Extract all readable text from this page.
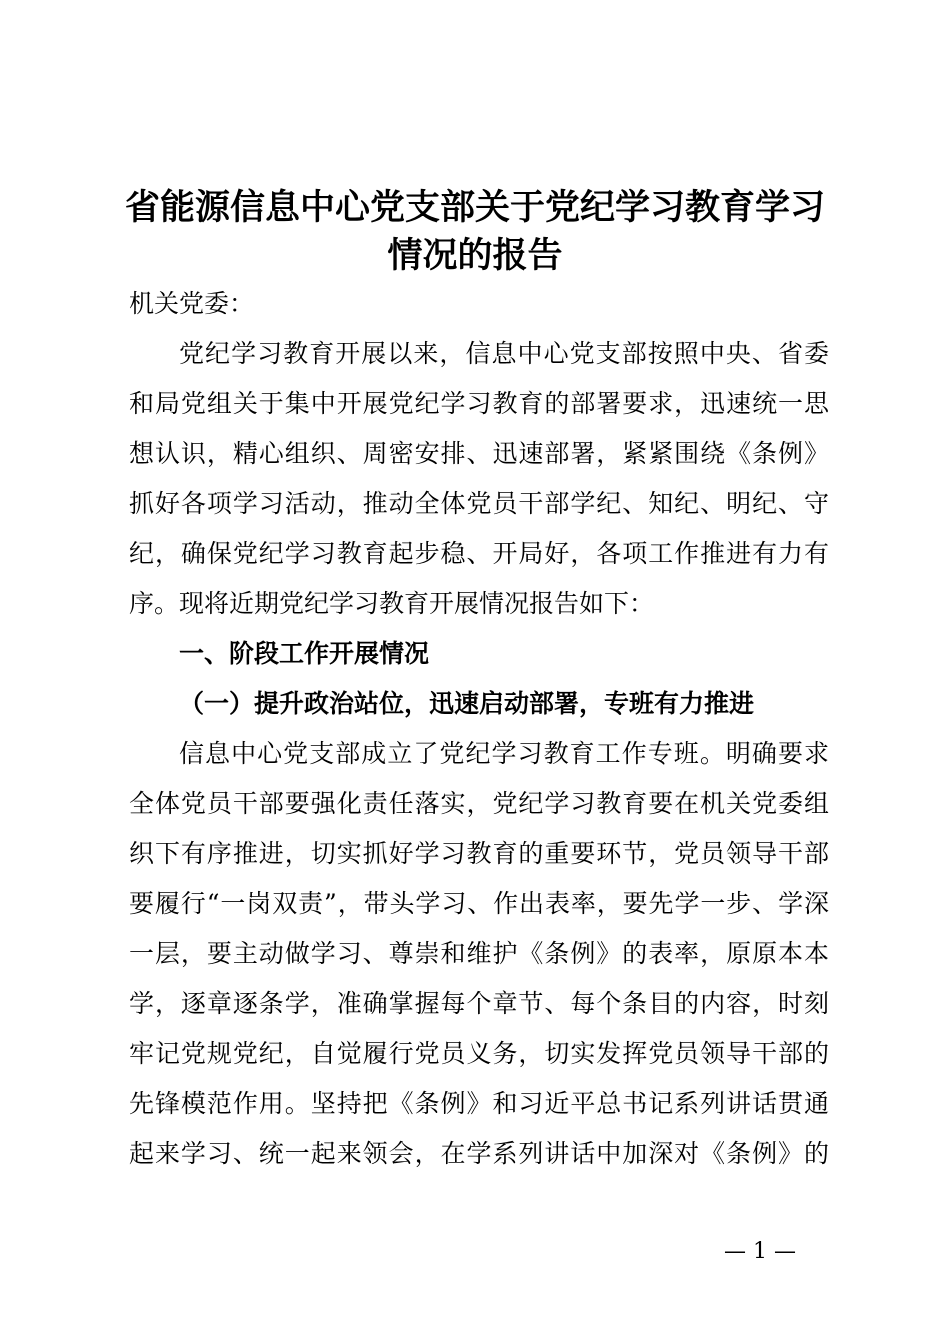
省能源信息中心党支部关于党纪学习教育学习
情况的报告
机关党委：
党纪学习教育开展以来，信息中心党支部按照中央、省委
和局党组关于集中开展党纪学习教育的部署要求，迅速统一思
想认识，精心组织、周密安排、迅速部署，紧紧围绕《条例》
抓好各项学习活动，推动全体党员干部学纪、知纪、明纪、守
纪，确保党纪学习教育起步稳、开局好，各项工作推进有力有
序。现将近期党纪学习教育开展情况报告如下：
一、阶段工作开展情况
（一）提升政治站位，迅速启动部署，专班有力推进
信息中心党支部成立了党纪学习教育工作专班。明确要求
全体党员干部要强化责任落实，党纪学习教育要在机关党委组
织下有序推进，切实抓好学习教育的重要环节，党员领导干部
要履行“一岗双责”，带头学习、作出表率，要先学一步、学深
一层，要主动做学习、尊崇和维护《条例》的表率，原原本本
学，逐章逐条学，准确掌握每个章节、每个条目的内容，时刻
牢记党规党纪，自觉履行党员义务，切实发挥党员领导干部的
先锋模范作用。坚持把《条例》和习近平总书记系列讲话贯通
起来学习、统一起来领会，在学系列讲话中加深对《条例》的
— 1 —
